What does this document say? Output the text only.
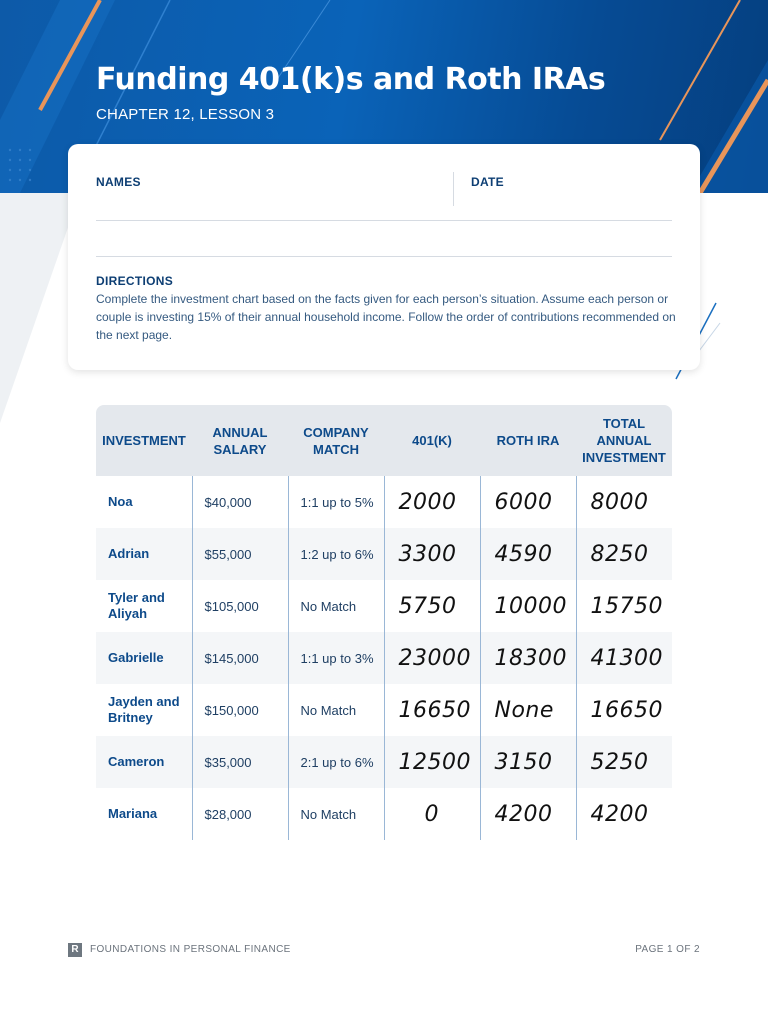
Funding 401(k)s and Roth IRAs
CHAPTER 12, LESSON 3
NAMES	DATE
DIRECTIONS
Complete the investment chart based on the facts given for each person’s situation. Assume each person or couple is investing 15% of their annual household income. Follow the order of contributions recommended on the next page.
INVESTMENT	ANNUAL SALARY	COMPANY MATCH	401(K)	ROTH IRA	TOTAL ANNUAL INVESTMENT
Noa	$40,000	1:1 up to 5%	2000	6000	8000
Adrian	$55,000	1:2 up to 6%	3300	4590	8250
Tyler and Aliyah	$105,000	No Match	5750	10000	15750
Gabrielle	$145,000	1:1 up to 3%	23000	18300	41300
Jayden and Britney	$150,000	No Match	16650	None	16650
Cameron	$35,000	2:1 up to 6%	12500	3150	5250
Mariana	$28,000	No Match	0	4200	4200
R	FOUNDATIONS IN PERSONAL FINANCE	PAGE 1 OF 2
